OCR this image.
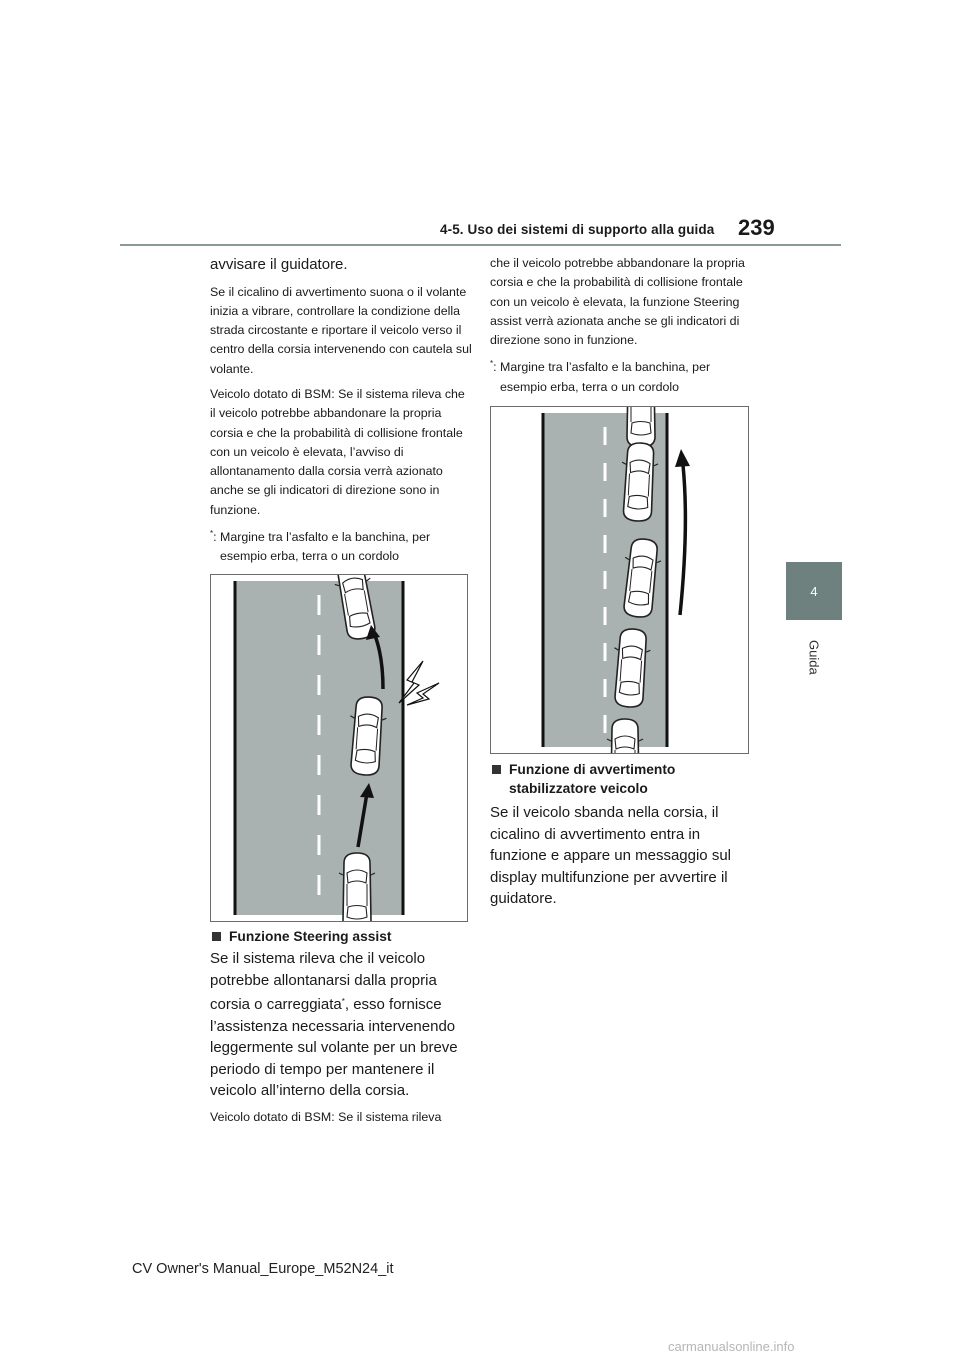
4-5. Uso dei sistemi di supporto alla guida 239
4
Guida

avvisare il guidatore.

Se il cicalino di avvertimento suona o il volante inizia a vibrare, controllare la condizione della strada circostante e riportare il veicolo verso il centro della corsia intervenendo con cautela sul volante.

Veicolo dotato di BSM: Se il sistema rileva che il veicolo potrebbe abbandonare la propria corsia e che la probabilità di collisione frontale con un veicolo è elevata, l’avviso di allontanamento dalla corsia verrà azionato anche se gli indicatori di direzione sono in funzione.

*: Margine tra l’asfalto e la banchina, per esempio erba, terra o un cordolo

Funzione Steering assist

Se il sistema rileva che il veicolo potrebbe allontanarsi dalla propria corsia o carreggiata*, esso fornisce l’assistenza necessaria intervenendo leggermente sul volante per un breve periodo di tempo per mantenere il veicolo all’interno della corsia.

Veicolo dotato di BSM: Se il sistema rileva

che il veicolo potrebbe abbandonare la propria corsia e che la probabilità di collisione frontale con un veicolo è elevata, la funzione Steering assist verrà azionata anche se gli indicatori di direzione sono in funzione.

*: Margine tra l’asfalto e la banchina, per esempio erba, terra o un cordolo

Funzione di avvertimento stabilizzatore veicolo

Se il veicolo sbanda nella corsia, il cicalino di avvertimento entra in funzione e appare un messaggio sul display multifunzione per avvertire il guidatore.

CV Owner's Manual_Europe_M52N24_it
carmanualsonline.info
